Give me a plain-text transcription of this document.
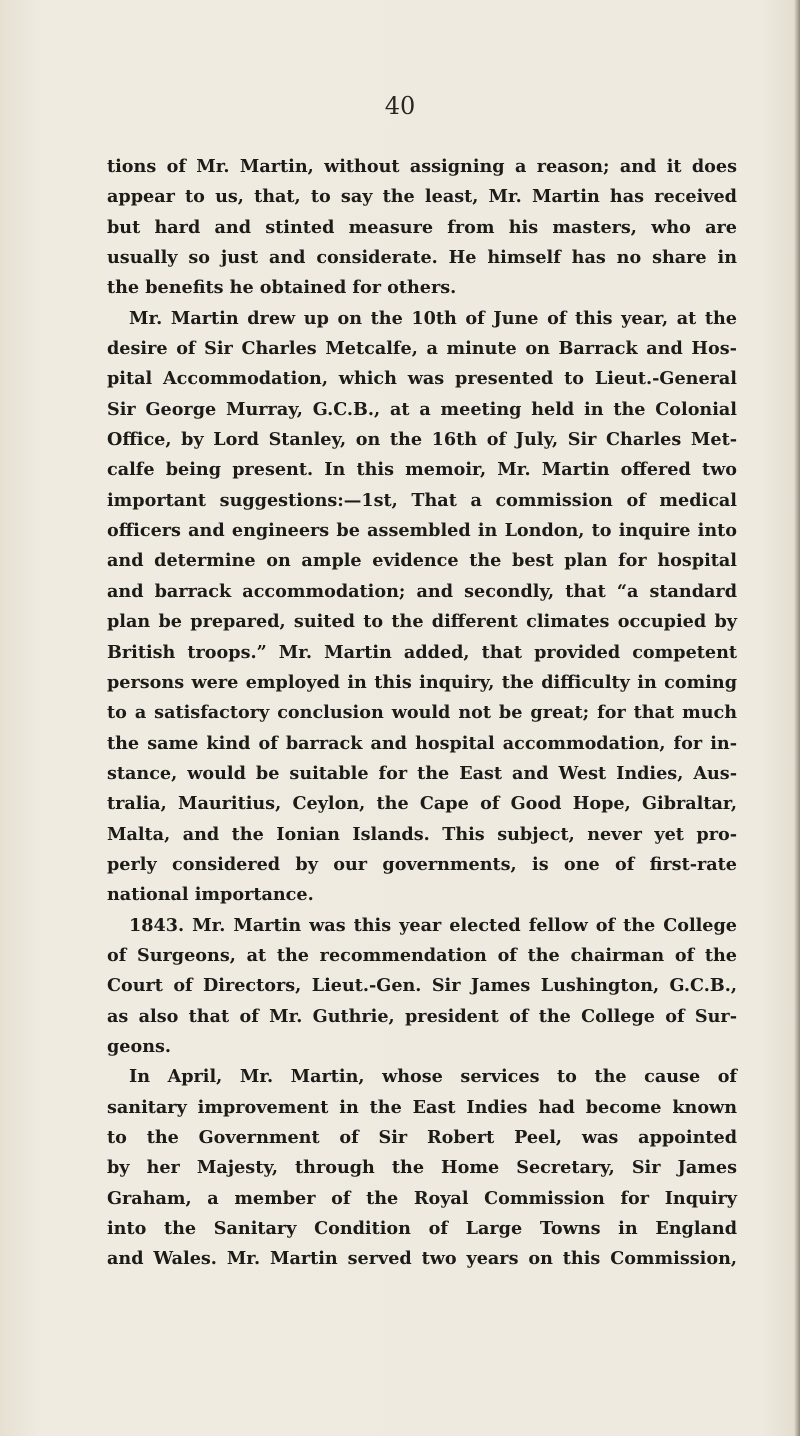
40
tions of Mr. Martin, without assigning a reason; and it does
appear to us, that, to say the least, Mr. Martin has received
but hard and stinted measure from his masters, who are
usually so just and considerate. He himself has no share in
the benefits he obtained for others.
Mr. Martin drew up on the 10th of June of this year, at the
desire of Sir Charles Metcalfe, a minute on Barrack and Hos-
pital Accommodation, which was presented to Lieut.-General
Sir George Murray, G.C.B., at a meeting held in the Colonial
Office, by Lord Stanley, on the 16th of July, Sir Charles Met-
calfe being present. In this memoir, Mr. Martin offered two
important suggestions:—1st, That a commission of medical
officers and engineers be assembled in London, to inquire into
and determine on ample evidence the best plan for hospital
and barrack accommodation; and secondly, that “a standard
plan be prepared, suited to the different climates occupied by
British troops.” Mr. Martin added, that provided competent
persons were employed in this inquiry, the difficulty in coming
to a satisfactory conclusion would not be great; for that much
the same kind of barrack and hospital accommodation, for in-
stance, would be suitable for the East and West Indies, Aus-
tralia, Mauritius, Ceylon, the Cape of Good Hope, Gibraltar,
Malta, and the Ionian Islands. This subject, never yet pro-
perly considered by our governments, is one of first-rate
national importance.
1843. Mr. Martin was this year elected fellow of the College
of Surgeons, at the recommendation of the chairman of the
Court of Directors, Lieut.-Gen. Sir James Lushington, G.C.B.,
as also that of Mr. Guthrie, president of the College of Sur-
geons.
In April, Mr. Martin, whose services to the cause of
sanitary improvement in the East Indies had become known
to the Government of Sir Robert Peel, was appointed
by her Majesty, through the Home Secretary, Sir James
Graham, a member of the Royal Commission for Inquiry
into the Sanitary Condition of Large Towns in England
and Wales. Mr. Martin served two years on this Commission,
